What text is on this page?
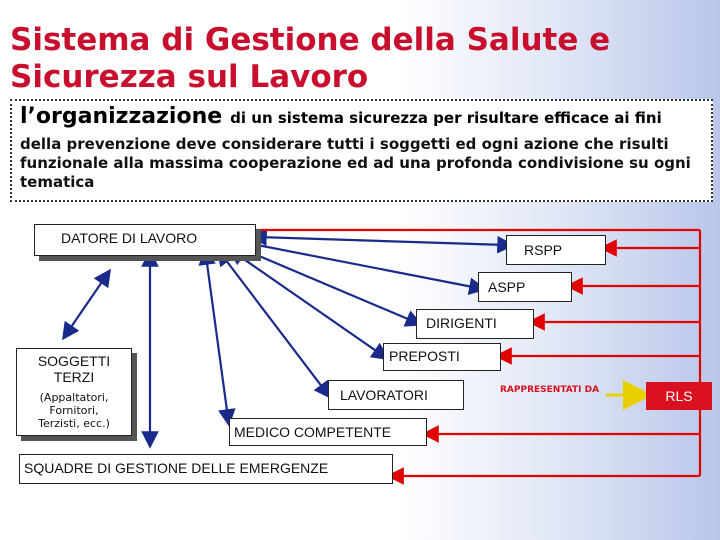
Sistema di Gestione della Salute e
Sicurezza sul Lavoro
l’organizzazione di un sistema sicurezza per risultare efficace ai fini
della prevenzione deve considerare tutti i soggetti ed ogni azione che risulti funzionale alla massima cooperazione ed ad una profonda condivisione su ogni tematica
DATORE DI LAVORO
RSPP
ASPP
DIRIGENTI
PREPOSTI
LAVORATORI
MEDICO COMPETENTE
SQUADRE DI GESTIONE DELLE EMERGENZE
SOGGETTI TERZI
(Appaltatori, Fornitori, Terzisti, ecc.)
RAPPRESENTATI DA	RLS
